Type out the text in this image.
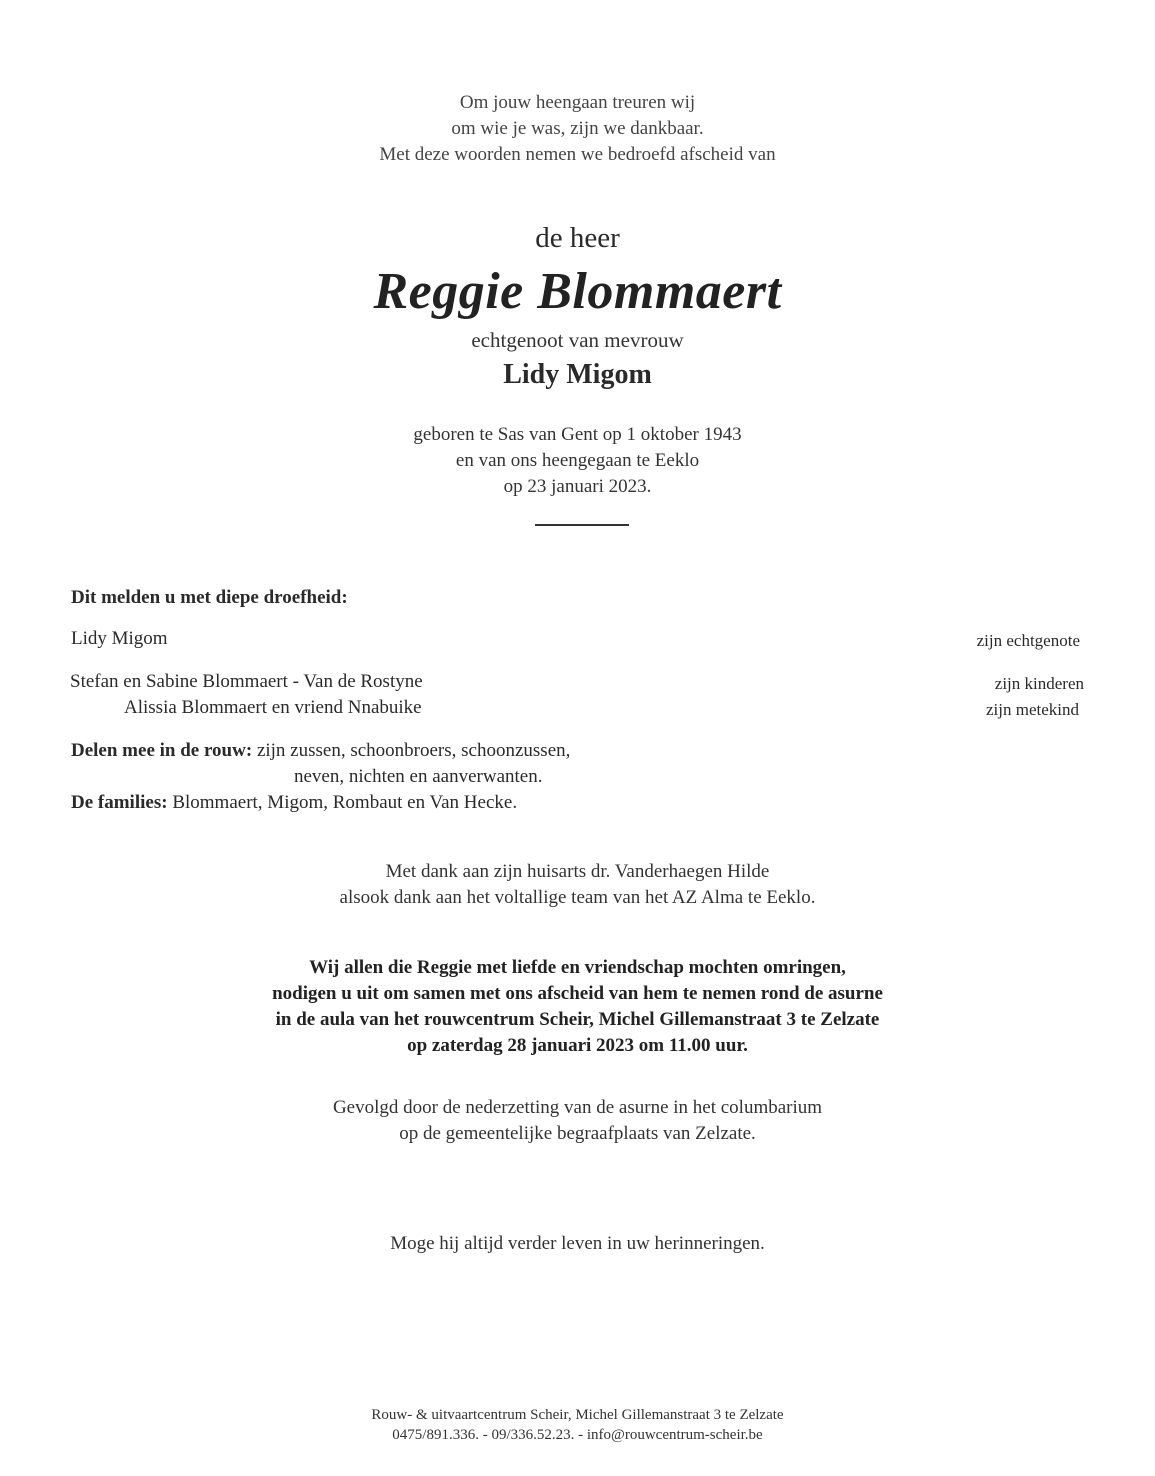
Om jouw heengaan treuren wij
om wie je was, zijn we dankbaar.
Met deze woorden nemen we bedroefd afscheid van
de heer
Reggie Blommaert
echtgenoot van mevrouw
Lidy Migom
geboren te Sas van Gent op 1 oktober 1943
en van ons heengegaan te Eeklo
op 23 januari 2023.
Dit melden u met diepe droefheid:
Lidy Migom	zijn echtgenote
Stefan en Sabine Blommaert - Van de Rostyne	zijn kinderen
Alissia Blommaert en vriend Nnabuike	zijn metekind
Delen mee in de rouw: zijn zussen, schoonbroers, schoonzussen,
neven, nichten en aanverwanten.
De families: Blommaert, Migom, Rombaut en Van Hecke.
Met dank aan zijn huisarts dr. Vanderhaegen Hilde
alsook dank aan het voltallige team van het AZ Alma te Eeklo.
Wij allen die Reggie met liefde en vriendschap mochten omringen,
nodigen u uit om samen met ons afscheid van hem te nemen rond de asurne
in de aula van het rouwcentrum Scheir, Michel Gillemanstraat 3 te Zelzate
op zaterdag 28 januari 2023 om 11.00 uur.
Gevolgd door de nederzetting van de asurne in het columbarium
op de gemeentelijke begraafplaats van Zelzate.
Moge hij altijd verder leven in uw herinneringen.
Rouw- & uitvaartcentrum Scheir, Michel Gillemanstraat 3 te Zelzate
0475/891.336. - 09/336.52.23. - info@rouwcentrum-scheir.be
